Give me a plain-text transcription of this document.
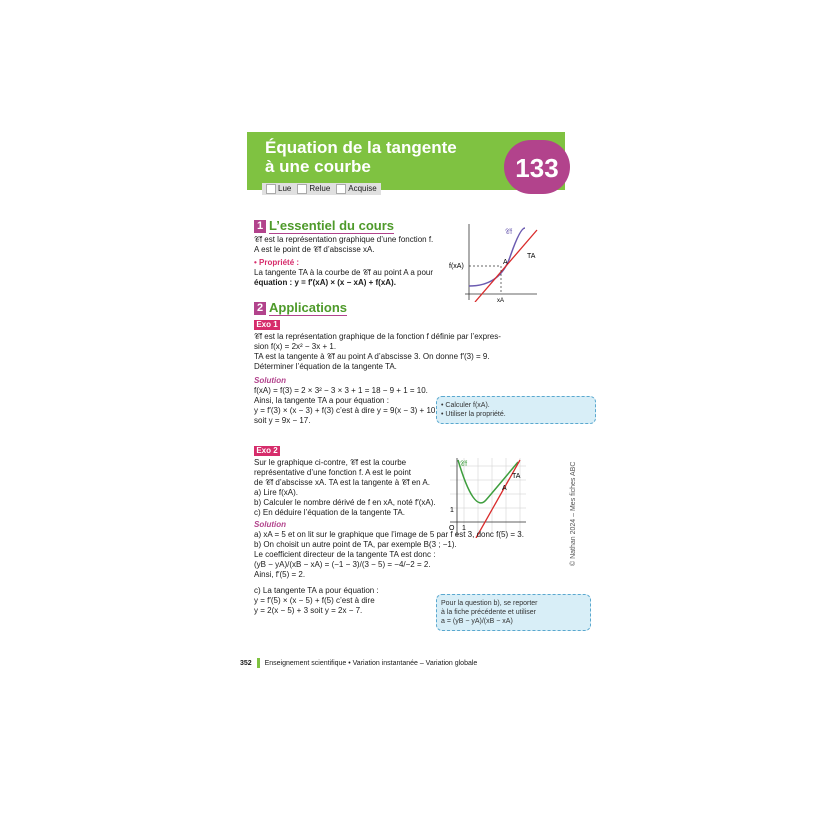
Équation de la tangente
à une courbe
Lue Relue Acquise
133
1 L’essentiel du cours
𝒞f est la représentation graphique d’une fonction f.
A est le point de 𝒞f d’abscisse xA.
• Propriété :
La tangente TA à la courbe de 𝒞f au point A a pour
équation : y = f′(xA) × (x − xA) + f(xA).
𝒞f
f(xA)
A
TA
xA
2 Applications
Exo 1
𝒞f est la représentation graphique de la fonction f définie par l’expres-
sion f(x) = 2x² − 3x + 1.
TA est la tangente à 𝒞f au point A d’abscisse 3. On donne f′(3) = 9.
Déterminer l’équation de la tangente TA.
Solution
f(xA) = f(3) = 2 × 3² − 3 × 3 + 1 = 18 − 9 + 1 = 10.
Ainsi, la tangente TA a pour équation :
y = f′(3) × (x − 3) + f(3) c’est à dire y = 9(x − 3) + 10
soit y = 9x − 17.
• Calculer f(xA).
• Utiliser la propriété.
Exo 2
Sur le graphique ci-contre, 𝒞f est la courbe
représentative d’une fonction f. A est le point
de 𝒞f d’abscisse xA. TA est la tangente à 𝒞f en A.
a) Lire f(xA).
b) Calculer le nombre dérivé de f en xA, noté f′(xA).
c) En déduire l’équation de la tangente TA.
𝒞f
TA
A
O
1
1
Solution
a) xA = 5 et on lit sur le graphique que l’image de 5 par f est 3, donc f(5) = 3.
b) On choisit un autre point de TA, par exemple B(3 ; −1).
Le coefficient directeur de la tangente TA est donc :
(yB − yA)/(xB − xA) = (−1 − 3)/(3 − 5) = −4/−2 = 2. Ainsi, f′(5) = 2.
c) La tangente TA a pour équation :
y = f′(5) × (x − 5) + f(5) c’est à dire
y = 2(x − 5) + 3 soit y = 2x − 7.
Pour la question b), se reporter
à la fiche précédente et utiliser
a = (yB − yA)/(xB − xA)
352 Enseignement scientifique • Variation instantanée – Variation globale
© Nathan 2024 – Mes fiches ABC
